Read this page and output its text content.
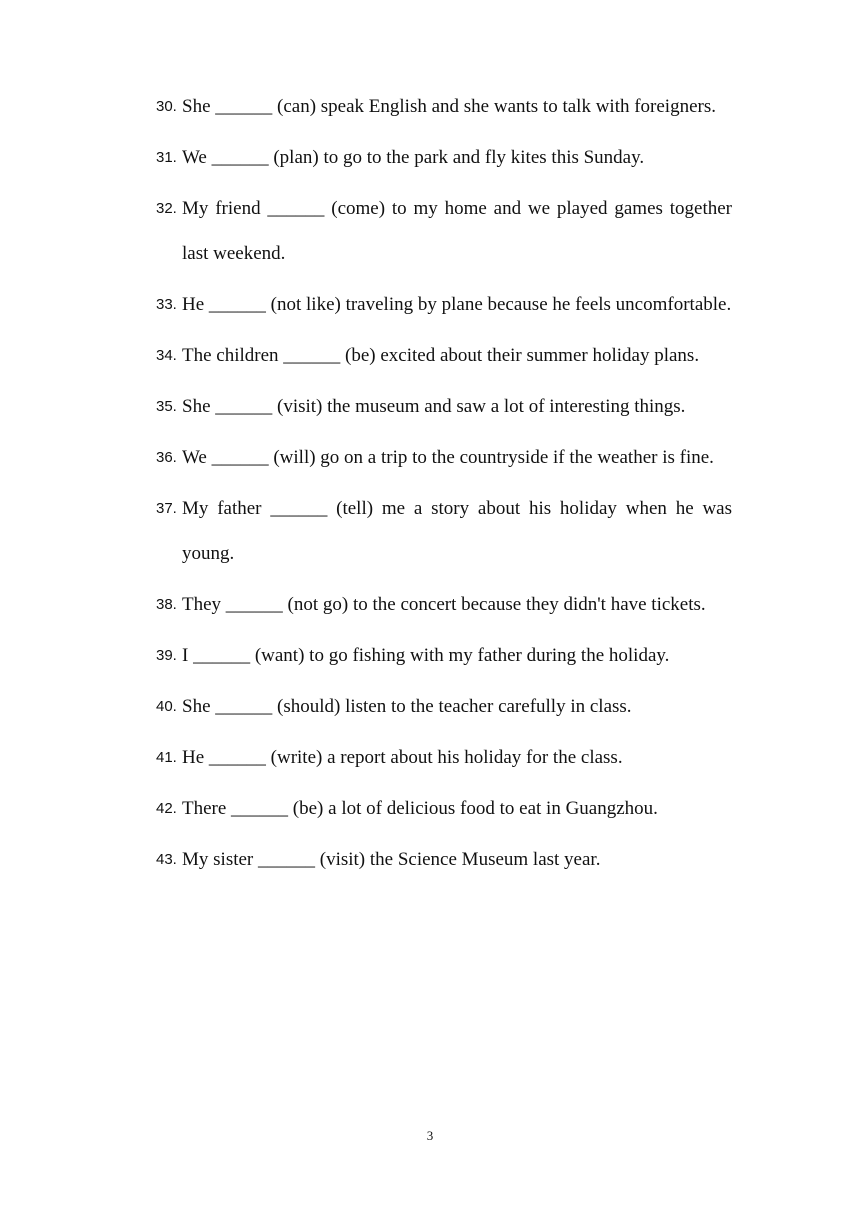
30. She ______ (can) speak English and she wants to talk with foreigners.
31. We ______ (plan) to go to the park and fly kites this Sunday.
32. My friend ______ (come) to my home and we played games together last weekend.
33. He ______ (not like) traveling by plane because he feels uncomfortable.
34. The children ______ (be) excited about their summer holiday plans.
35. She ______ (visit) the museum and saw a lot of interesting things.
36. We ______ (will) go on a trip to the countryside if the weather is fine.
37. My father ______ (tell) me a story about his holiday when he was young.
38. They ______ (not go) to the concert because they didn't have tickets.
39. I ______ (want) to go fishing with my father during the holiday.
40. She ______ (should) listen to the teacher carefully in class.
41. He ______ (write) a report about his holiday for the class.
42. There ______ (be) a lot of delicious food to eat in Guangzhou.
43. My sister ______ (visit) the Science Museum last year.
3
